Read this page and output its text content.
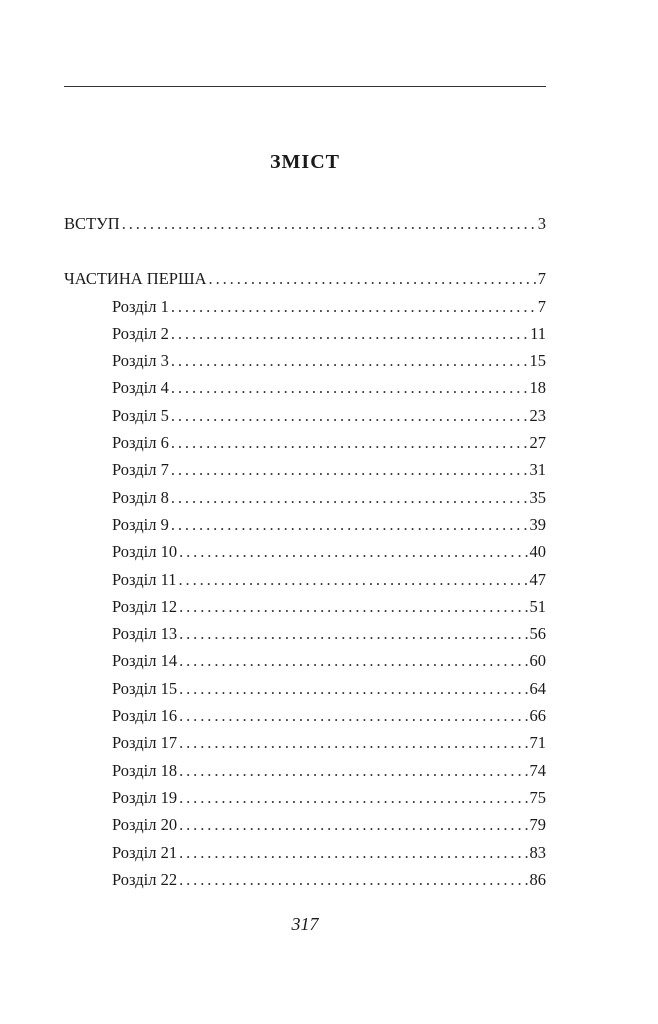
ЗМІСТ
ВСТУП . . .	3
ЧАСТИНА ПЕРША . . .	7
Розділ 1 . . .	7
Розділ 2 . . .	11
Розділ 3 . . .	15
Розділ 4 . . .	18
Розділ 5 . . .	23
Розділ 6 . . .	27
Розділ 7 . . .	31
Розділ 8 . . .	35
Розділ 9 . . .	39
Розділ 10 . . .	40
Розділ 11 . . .	47
Розділ 12 . . .	51
Розділ 13 . . .	56
Розділ 14 . . .	60
Розділ 15 . . .	64
Розділ 16 . . .	66
Розділ 17 . . .	71
Розділ 18 . . .	74
Розділ 19 . . .	75
Розділ 20 . . .	79
Розділ 21 . . .	83
Розділ 22 . . .	86
317
